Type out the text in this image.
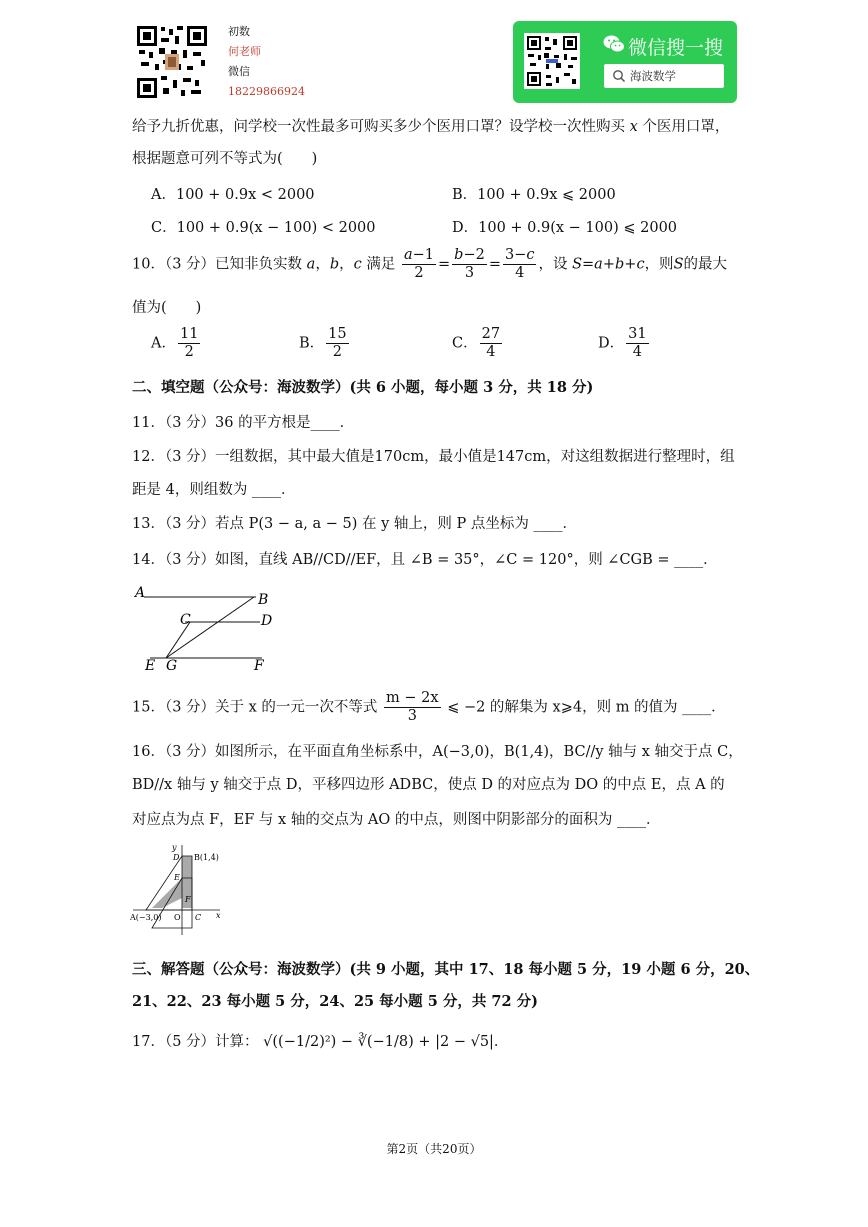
初数
何老师
微信
18229866924
微信搜一搜
海波数学
给予九折优惠，问学校一次性最多可购买多少个医用口罩？设学校一次性购买 x 个医用口罩，
根据题意可列不等式为(　　)
A．100 + 0.9x < 2000	B．100 + 0.9x ⩽ 2000
C．100 + 0.9(x − 100) < 2000	D．100 + 0.9(x − 100) ⩽ 2000
10．（3 分）已知非负实数 a，b，c 满足 $\frac{a-1}{2} = \frac{b-2}{3} = \frac{3-c}{4}$ ，设 S=a+b+c，则S的最大
值为(　　)
A． $\frac{11}{2}$	B． $\frac{15}{2}$	C． $\frac{27}{4}$	D． $\frac{31}{4}$
二、填空题（公众号：海波数学）(共 6 小题，每小题 3 分，共 18 分)
11．（3 分）36 的平方根是____．
12．（3 分）一组数据，其中最大值是170cm，最小值是147cm，对这组数据进行整理时，组
距是 4，则组数为 ____．
13．（3 分）若点 P(3 − a, a − 5) 在 y 轴上，则 P 点坐标为 ____．
14．（3 分）如图，直线 AB//CD//EF，且 ∠B = 35°，∠C = 120°，则 ∠CGB = ____．
A	B
C	D
E G	F
15．（3 分）关于 x 的一元一次不等式 $\frac{m - 2x}{3}$ ⩽ −2 的解集为 x⩾4，则 m 的值为 ____．
16．（3 分）如图所示，在平面直角坐标系中，A(−3,0)，B(1,4)，BC//y 轴与 x 轴交于点 C，
BD//x 轴与 y 轴交于点 D，平移四边形 ADBC，使点 D 的对应点为 DO 的中点 E，点 A 的
对应点为点 F，EF 与 x 轴的交点为 AO 的中点，则图中阴影部分的面积为 ____．
y
D B(1,4)
E
F
A(−3,0) O C x
三、解答题（公众号：海波数学）(共 9 小题，其中 17、18 每小题 5 分，19 小题 6 分，20、
21、22、23 每小题 5 分，24、25 每小题 5 分，共 72 分)
17．（5 分）计算： √((−1/2)²) − ∛(−1/8) + |2 − √5|．
第2页（共20页）
